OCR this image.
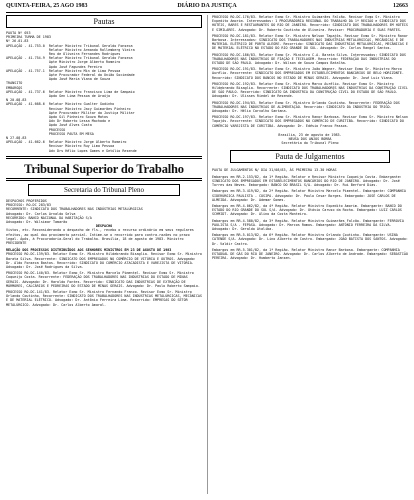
QUINTA-FEIRA, 25 AGO 1983	DIÁRIO DA JUSTIÇA	12663
Pautas

PAUTA Nº 053

PRIMEIRA TURMA DE 1983

Nº 26.01.83

APELAÇÃO - 41.753-0  Relator Ministro Tribunal Geraldo Fonseca

Relator Ministro Armando Rollemberg Vieira

Reu de Oliveira Fernandes Rodrigues

APELAÇÃO - 41.754-9  Relator Ministro Tribunal Geraldo Fonseca

Apte Ministro Jorge Alberto Romeiro

Apdo José Fagundes Pereira

APELAÇÃO - 41.757-1  Relator Ministro Min de Lima Pessoa

Apte Procurador Federal da União Sociedade

Apdo José Maria Viana de Souza

TRANSITO

EMBARGOS

APELAÇÃO - 41.737-6  Relator Ministro Francisco Lima de Sampaio

Apdo Gen Lima Pessoa de Araújo

N 20.08.83

APELAÇÃO - 41.668-6  Relator Ministro Gualter Godinho

Revisor Ministro Jacy Guimarães Pinheiro

Apte Procurador Militar da Justiça Militar

Apdo Gil Pinheiro Souza Matos

Adv Dr Roberto Lessa Machado e

Apdo José Alves Costa

PROCESSO

PROCESSO PAUTA EM MESA

N 27.08.83

APELAÇÃO - 41.662-6  Relator Ministro Jorge Alberto Romeiro

Revisor Ministro Ruy Lima Pessoa

Adv Drs Hélio Lopes Gomes e Getúlio Resende

Tribunal Superior do Trabalho
Secretaria do Tribunal Pleno

DESPACHOS PROFERIDOS

PROCESSO: RO-DC 283/83

RECORRENTE: SINDICATO DOS TRABALHADORES NAS INDÚSTRIAS METALÚRGICAS

Advogado: Dr. Carlos Arnaldo Selva

RECORRIDO: BANCO NACIONAL DA HABITAÇÃO S/A

Advogado: Dr. Wilsimar Tamarão

DESPACHO

Vistos, etc. Reconsiderando o despacho de fls., recebo o recurso ordinário em seus regulares efeitos, ao qual dou provimento parcial. Intime-se o recorrido para contra-razões no prazo legal. Após, à Procuradoria-Geral do Trabalho. Brasília, 18 de agosto de 1983. Ministro PRESIDENTE

RELAÇÃO DOS PROCESSOS DISTRIBUÍDOS AOS SENHORES MINISTROS EM 23 DE AGOSTO DE 1983

PROCESSO RO-DC-139/83. Relator Exmo Sr. Ministro Hildebrando Bisaglia. Revisor Exmo Sr. Ministro Barata Silva. Recorrente: SINDICATO DOS EMPREGADOS NO COMÉRCIO DE VITÓRIA E OUTROS. Advogado: Dr. Aldo Fonseca Bastos. Recorrido: SINDICATO DO COMÉRCIO ATACADISTA E VAREJISTA DE VITÓRIA. Advogado: Dr. José Rodrigues da Silva.

PROCESSO RO-DC-140/83. Relator Exmo Sr. Ministro Marcelo Pimentel. Revisor Exmo Sr. Ministro Coqueijo Costa. Recorrente: FEDERAÇÃO DOS TRABALHADORES NAS INDÚSTRIAS DO ESTADO DE MINAS GERAIS. Advogado: Dr. Haroldo Fontes. Recorrido: SINDICATO DAS INDÚSTRIAS DE EXTRAÇÃO DE MÁRMORES, CALCÁRIOS E PEDREIRAS DO ESTADO DE MINAS GERAIS. Advogado: Dr. Paulo Roberto Sampaio.

PROCESSO RO-DC-141/83. Relator Exmo Sr. Ministro Fernando Franco. Revisor Exmo Sr. Ministro Orlando Coutinho. Recorrente: SINDICATO DOS TRABALHADORES NAS INDÚSTRIAS METALÚRGICAS, MECÂNICAS E DE MATERIAL ELÉTRICO. Advogado: Dr. Antônio Ferreira Lima. Recorrido: EMPRESAS DO SETOR METALÚRGICO. Advogado: Dr. Carlos Alberto Amaral.

PROCESSO RO-DC-176/83. Relator Exmo Sr. Ministro Guimarães Falcão. Revisor Exmo Sr. Ministro Expedito Amorim. Interessados: 1 PROCURADORIA REGIONAL DO TRABALHO DA 1ª REGIÃO e SINDICATO DOS HOTÉIS, BARES E RESTAURANTES DO RIO DE JANEIRO. Recorrido: SINDICATO DOS TRABALHADORES EM HOTÉIS E SIMILARES. Advogado: Dr. Roberto Coutinho de Oliveira. Revisor: PROCURADORIA E SUAS PARTES.

PROCESSO RO-DC-181/83. Relator Exmo Sr. Ministro Nelson Tapajós. Revisor Exmo Sr. Ministro Ranor Barbosa. Interessados: SINDICATO DOS TRABALHADORES NAS INDÚSTRIAS METALÚRGICAS, MECÂNICAS E DE MATERIAL ELÉTRICO DE PORTO ALEGRE. Recorrido: SINDICATO DAS INDÚSTRIAS METALÚRGICAS, MECÂNICAS E DE MATERIAL ELÉTRICO NO ESTADO DO RIO GRANDE DO SUL. Advogado: Dr. Carlos Rangel Santos.

PROCESSO RO-DC-186/83. Relator Exmo Sr. Ministro C.A. Barata Silva. Interessados: SINDICATO DOS TRABALHADORES NAS INDÚSTRIAS DE FIAÇÃO E TECELAGEM. Recorrido: FEDERAÇÃO DAS INDÚSTRIAS DO ESTADO DE SÃO PAULO. Advogado: Dr. Wilson de Souza Campos Batalha.

PROCESSO RO-DC-191/83. Relator Exmo Sr. Ministro João Wagner. Revisor Exmo Sr. Ministro Marco Aurélio. Recorrente: SINDICATO DOS EMPREGADOS EM ESTABELECIMENTOS BANCÁRIOS DE BELO HORIZONTE. Recorrido: SINDICATO DOS BANCOS NO ESTADO DE MINAS GERAIS. Advogado: Dr. José Luiz Viana.

PROCESSO RO-DC-192/83. Relator Exmo Sr. Ministro Marco Aurélio. Revisor Exmo Sr. Ministro Hildebrando Bisaglia. Recorrente: SINDICATO DOS TRABALHADORES NAS INDÚSTRIAS DA CONSTRUÇÃO CIVIL DE SÃO PAULO. Recorrido: SINDICATO DA INDÚSTRIA DA CONSTRUÇÃO CIVIL DO ESTADO DE SÃO PAULO. Advogado: Dr. Ulisses Riedel de Resende.

PROCESSO RO-DC-194/83. Relator Exmo Sr. Ministro Orlando Coutinho. Recorrente: FEDERAÇÃO DOS TRABALHADORES NAS INDÚSTRIAS DE ALIMENTAÇÃO. Recorrido: SINDICATO DA INDÚSTRIA DO TRIGO. Advogado: Dr. Hélio Carvalho Santana.

PROCESSO RO-DC-197/83. Relator Exmo Sr. Ministro Ranor Barbosa. Revisor Exmo Sr. Ministro Nelson Tapajós. Recorrente: SINDICATO DOS EMPREGADOS NO COMÉRCIO DE CURITIBA. Recorrido: SINDICATO DO COMÉRCIO VAREJISTA DE CURITIBA. Advogado: Dr. Edésio Franco Passos.

Brasília, 23 de agosto de 1983.

NEUSA DOS ANJOS BORBA

Secretária do Tribunal Pleno

Pauta de Julgamentos

PAUTA DE JULGAMENTOS N/ DIA 31/08/83, ÀS PRIMEIRA 13.30 HORAS

Embargos em RR-2.153/82, da 1ª Região. Relator e Revisor Ministro Coqueijo Costa. Embargante: SINDICATO DOS EMPREGADOS EM ESTABELECIMENTOS BANCÁRIOS DO RIO DE JANEIRO. Advogado: Dr. José Torres das Neves. Embargado: BANCO DO BRASIL S/A. Advogado: Dr. Rui Berford Dias.

Embargos em RR-3.419/82, da 2ª Região. Relator Ministro Marcelo Pimentel. Embargante: COMPANHIA SIDERÚRGICA PAULISTA - COSIPA. Advogado: Dr. Paulo Cesar Borges. Embargado: JOSÉ CARLOS DE ALMEIDA. Advogado: Dr. Ademar Gomes.

Embargos em RR-4.062/82, da 4ª Região. Relator Ministro Expedito Amorim. Embargante: BANCO DO ESTADO DO RIO GRANDE DO SUL S/A. Advogado: Dr. Otávio Caruso da Rocha. Embargado: LUIZ CARLOS SCHMIDT. Advogado: Dr. Alino da Costa Monteiro.

Embargos em RR-4.580/82, da 3ª Região. Relator Ministro Guimarães Falcão. Embargante: FERROVIA PAULISTA S/A - FEPASA. Advogado: Dr. Marcos Ramos. Embargado: ANTÔNIO FERREIRA DA SILVA. Advogado: Dr. Geraldo Ataliba.

Embargos em RR-5.013/82, da 6ª Região. Relator Ministro Orlando Coutinho. Embargante: USINA CATENDE S/A. Advogado: Dr. Lino Alberto de Castro. Embargado: JOÃO BATISTA DOS SANTOS. Advogado: Dr. Valdir Castro.

Embargos em RR-5.301/82, da 1ª Região. Relator Ministro Ranor Barbosa. Embargante: COMPANHIA ESTADUAL DE GÁS DO RIO DE JANEIRO. Advogado: Dr. Carlos Alberto de Andrade. Embargado: SEBASTIÃO PEREIRA. Advogado: Dr. Humberto Jansen.
